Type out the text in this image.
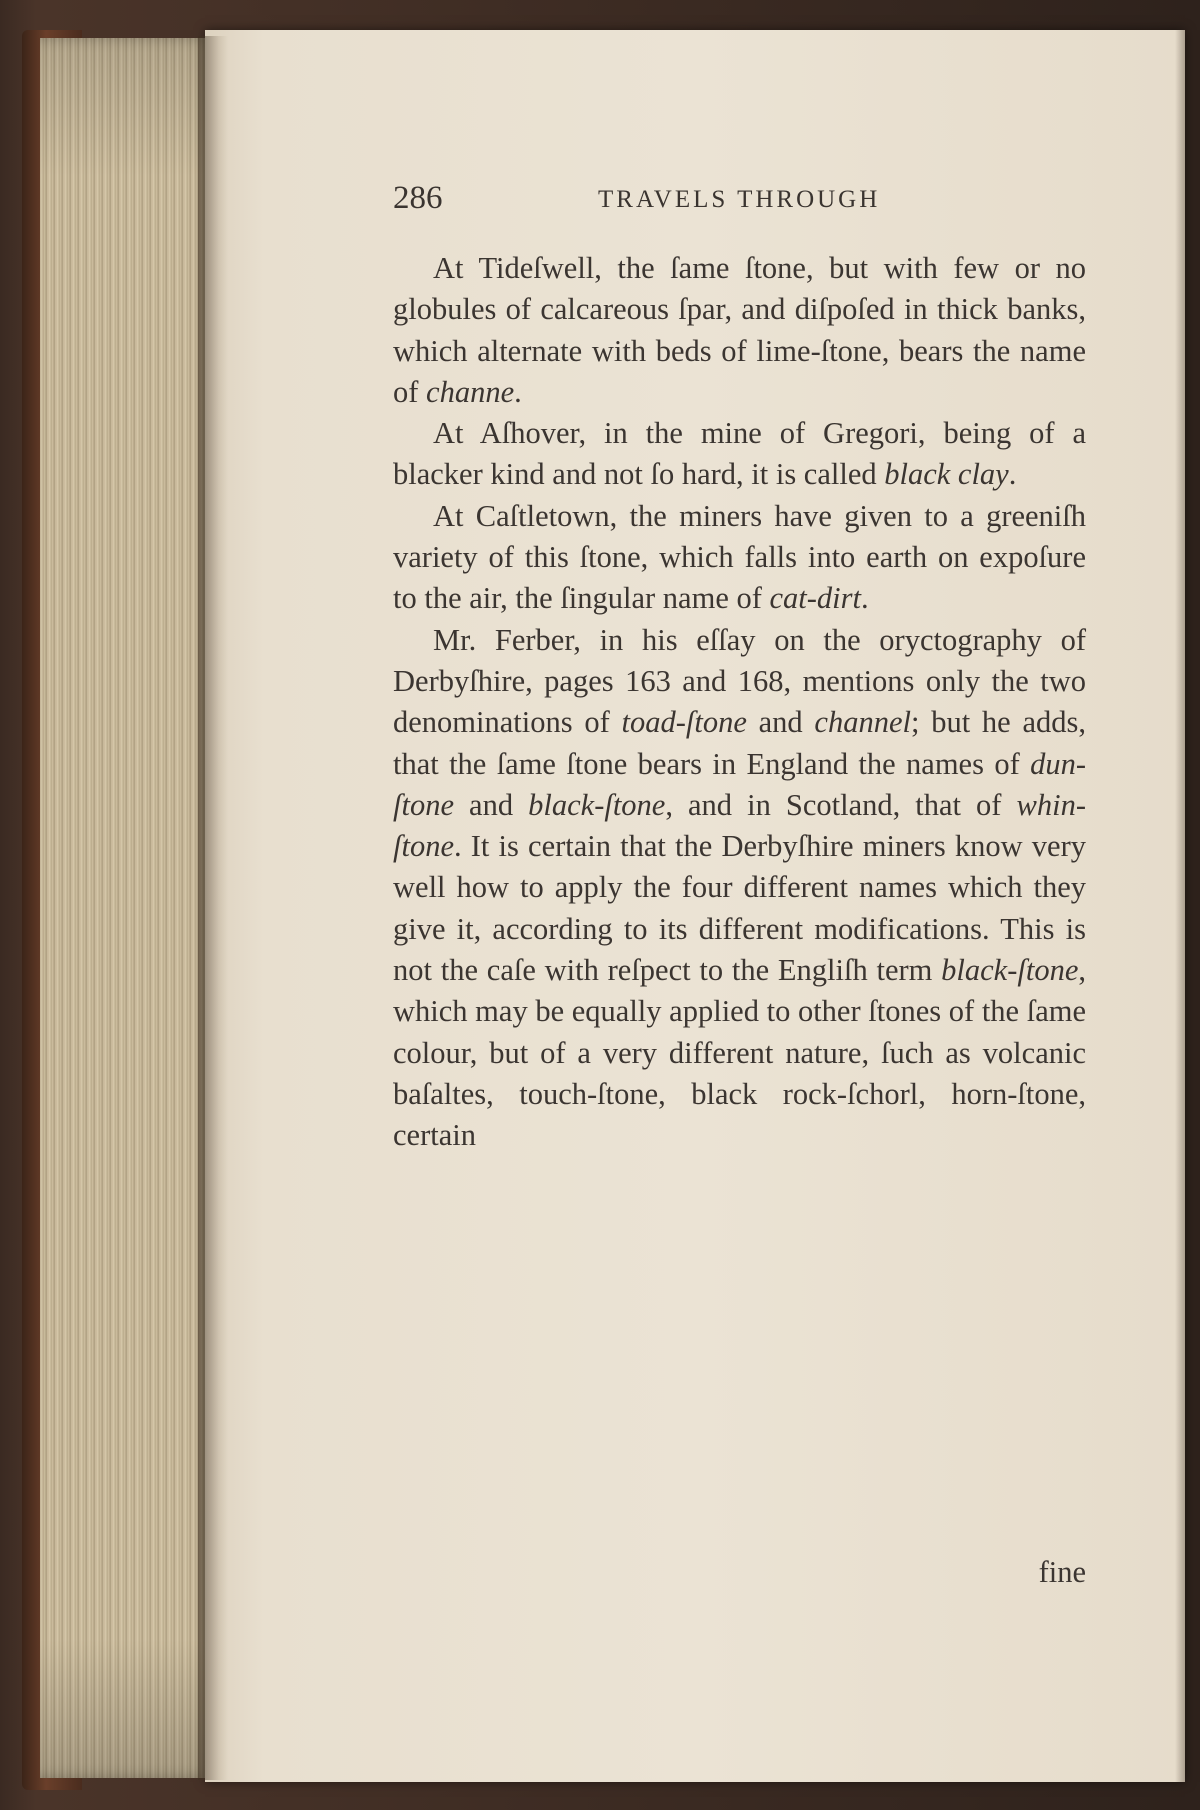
286	TRAVELS THROUGH

At Tideſwell, the ſame ſtone, but with few or no globules of calcareous ſpar, and diſpoſed in thick banks, which alternate with beds of lime-ſtone, bears the name of channe.

At Aſhover, in the mine of Gregori, being of a blacker kind and not ſo hard, it is called black clay.

At Caſtletown, the miners have given to a greeniſh variety of this ſtone, which falls into earth on expoſure to the air, the ſingular name of cat-dirt.

Mr. Ferber, in his eſſay on the oryctography of Derbyſhire, pages 163 and 168, mentions only the two denominations of toad-ſtone and channel; but he adds, that the ſame ſtone bears in England the names of dun-ſtone and black-ſtone, and in Scotland, that of whin-ſtone. It is certain that the Derbyſhire miners know very well how to apply the four different names which they give it, according to its different modifications. This is not the caſe with reſpect to the Engliſh term black-ſtone, which may be equally applied to other ſtones of the ſame colour, but of a very different nature, ſuch as volcanic baſaltes, touch-ſtone, black rock-ſchorl, horn-ſtone, certain

fine
